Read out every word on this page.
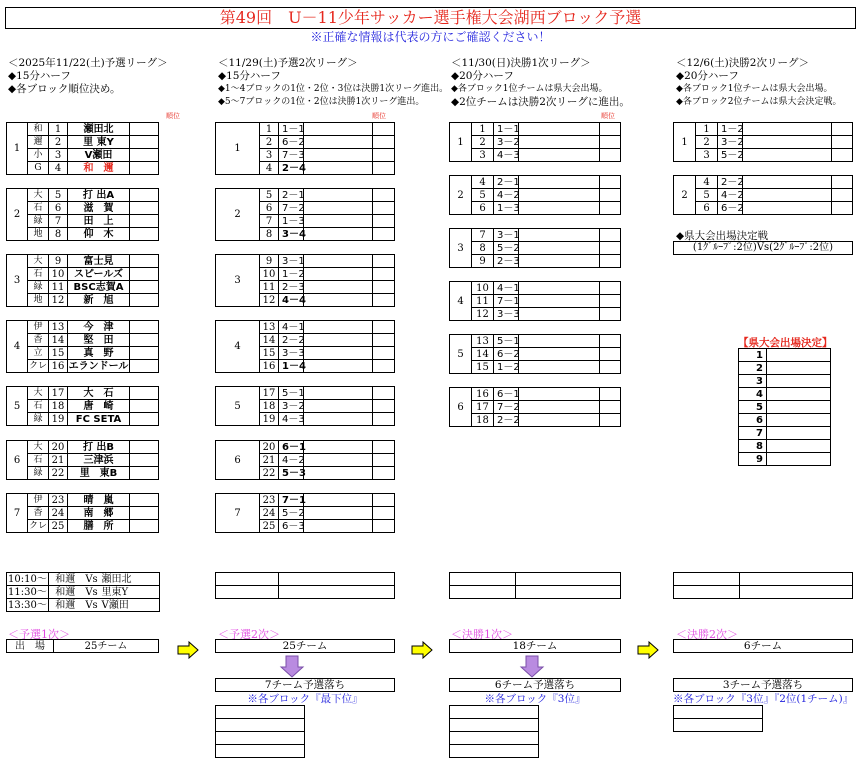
第49回　U－11少年サッカー選手権大会湖西ブロック予選
※正確な情報は代表の方にご確認ください！
＜2025年11/22(土)予選リーグ＞
◆15分ハーフ
◆各ブロック順位決め。
＜11/29(土)予選2次リーグ＞
◆15分ハーフ
◆1～4ブロックの1位・2位・3位は決勝1次リーグ進出。
◆5～7ブロックの1位・2位は決勝1次リーグ進出。
＜11/30(日)決勝1次リーグ＞
◆20分ハーフ
◆各ブロック1位チームは県大会出場。
◆2位チームは決勝2次リーグに進出。
＜12/6(土)決勝2次リーグ＞
◆20分ハーフ
◆各ブロック1位チームは県大会出場。
◆各ブロック2位チームは県大会決定戦。
順位	順位	順位
1	和	1	瀬田北	
	邇	2	里 東Y	
	小	3	V瀬田	
	G	4	和　邇	
2	大	5	打 出A	
	石	6	滋　賀	
	緑	7	田　上	
	地	8	仰　木	
3	大	9	富士見	
	石	10	スピールズ	
	緑	11	BSC志賀A	
	地	12	新　旭	
4	伊	13	今　津	
	香	14	堅　田	
	立	15	真　野	
	クレ	16	エランドール	
5	大	17	大　石	
	石	18	唐　崎	
	緑	19	FC SETA	
6	大	20	打 出B	
	石	21	三津浜	
	緑	22	里　東B	
7	伊	23	晴　嵐	
	香	24	南　郷	
	クレ	25	膳　所	
1	1	1－1		
	2	6－2		
	3	7－3		
	4	2－4		
2	5	2－1		
	6	7－2		
	7	1－3		
	8	3－4		
3	9	3－1		
	10	1－2		
	11	2－3		
	12	4－4		
4	13	4－1		
	14	2－2		
	15	3－3		
	16	1－4		
5	17	5－1		
	18	3－2		
	19	4－3		
6	20	6－1		
	21	4－2		
	22	5－3		
7	23	7－1		
	24	5－2		
	25	6－3		
1	1	1－1		
	2	3－2		
	3	4－3		
2	4	2－1		
	5	4－2		
	6	1－3		
3	7	3－1		
	8	5－2		
	9	2－3		
4	10	4－1		
	11	7－1		
	12	3－3		
5	13	5－1		
	14	6－2		
	15	1－2		
6	16	6－1		
	17	7－2		
	18	2－2		
1	1	1－2		
	2	3－2		
	3	5－2		
2	4	2－2		
	5	4－2		
	6	6－2		
◆県大会出場決定戦
(1ｸﾞﾙｰﾌﾟ:2位)Vs(2ｸﾞﾙｰﾌﾟ:2位)
【県大会出場決定】
1	
2	
3	
4	
5	
6	
7	
8	
9	
10:10～	和邇	Vs	瀬田北
11:30～	和邇	Vs	里東Y
13:30～	和邇	Vs	V瀬田

＜予選1次＞	＜予選2次＞	＜決勝1次＞	＜決勝2次＞
出　場	25チーム	25チーム	18チーム	6チーム
7チーム予選落ち
※各ブロック『最下位』
6チーム予選落ち
※各ブロック『3位』
3チーム予選落ち
※各ブロック『3位』『2位(1チーム)』
